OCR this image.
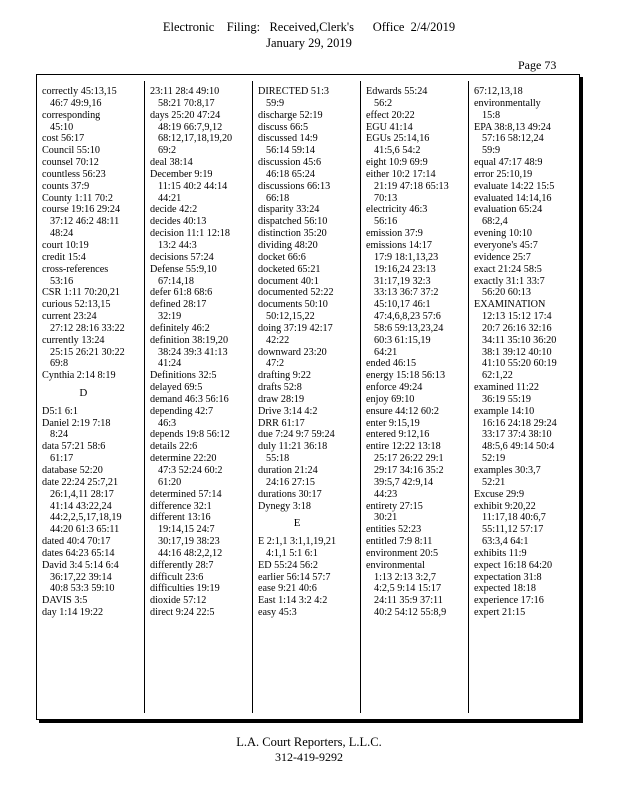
Electronic    Filing:   Received,Clerk's      Office  2/4/2019
January 29, 2019
Page 73
correctly 45:13,15
46:7 49:9,16
corresponding
45:10
cost 56:17
Council 55:10
counsel 70:12
countless 56:23
counts 37:9
County 1:11 70:2
course 19:16 29:24
37:12 46:2 48:11
48:24
court 10:19
credit 15:4
cross-references
53:16
CSR 1:11 70:20,21
curious 52:13,15
current 23:24
27:12 28:16 33:22
currently 13:24
25:15 26:21 30:22
69:8
Cynthia 2:14 8:19
D
D5:1 6:1
Daniel 2:19 7:18
8:24
data 57:21 58:6
61:17
database 52:20
date 22:24 25:7,21
26:1,4,11 28:17
41:14 43:22,24
44:2,2,5,17,18,19
44:20 61:3 65:11
dated 40:4 70:17
dates 64:23 65:14
David 3:4 5:14 6:4
36:17,22 39:14
40:8 53:3 59:10
DAVIS 3:5
day 1:14 19:22
23:11 28:4 49:10
58:21 70:8,17
days 25:20 47:24
48:19 66:7,9,12
68:12,17,18,19,20
69:2
deal 38:14
December 9:19
11:15 40:2 44:14
44:21
decide 42:2
decides 40:13
decision 11:1 12:18
13:2 44:3
decisions 57:24
Defense 55:9,10
67:14,18
defer 61:8 68:6
defined 28:17
32:19
definitely 46:2
definition 38:19,20
38:24 39:3 41:13
41:24
Definitions 32:5
delayed 69:5
demand 46:3 56:16
depending 42:7
46:3
depends 19:8 56:12
details 22:6
determine 22:20
47:3 52:24 60:2
61:20
determined 57:14
difference 32:1
different 13:16
19:14,15 24:7
30:17,19 38:23
44:16 48:2,2,12
differently 28:7
difficult 23:6
difficulties 19:19
dioxide 57:12
direct 9:24 22:5
DIRECTED 51:3
59:9
discharge 52:19
discuss 66:5
discussed 14:9
56:14 59:14
discussion 45:6
46:18 65:24
discussions 66:13
66:18
disparity 33:24
dispatched 56:10
distinction 35:20
dividing 48:20
docket 66:6
docketed 65:21
document 40:1
documented 52:22
documents 50:10
50:12,15,22
doing 37:19 42:17
42:22
downward 23:20
47:2
drafting 9:22
drafts 52:8
draw 28:19
Drive 3:14 4:2
DRR 61:17
due 7:24 9:7 59:24
duly 11:21 36:18
55:18
duration 21:24
24:16 27:15
durations 30:17
Dynegy 3:18
E
E 2:1,1 3:1,1,19,21
4:1,1 5:1 6:1
ED 55:24 56:2
earlier 56:14 57:7
ease 9:21 40:6
East 1:14 3:2 4:2
easy 45:3
Edwards 55:24
56:2
effect 20:22
EGU 41:14
EGUs 25:14,16
41:5,6 54:2
eight 10:9 69:9
either 10:2 17:14
21:19 47:18 65:13
70:13
electricity 46:3
56:16
emission 37:9
emissions 14:17
17:9 18:1,13,23
19:16,24 23:13
31:17,19 32:3
33:13 36:7 37:2
45:10,17 46:1
47:4,6,8,23 57:6
58:6 59:13,23,24
60:3 61:15,19
64:21
ended 46:15
energy 15:18 56:13
enforce 49:24
enjoy 69:10
ensure 44:12 60:2
enter 9:15,19
entered 9:12,16
entire 12:22 13:18
25:17 26:22 29:1
29:17 34:16 35:2
39:5,7 42:9,14
44:23
entirety 27:15
30:21
entities 52:23
entitled 7:9 8:11
environment 20:5
environmental
1:13 2:13 3:2,7
4:2,5 9:14 15:17
24:11 35:9 37:11
40:2 54:12 55:8,9
67:12,13,18
environmentally
15:8
EPA 38:8,13 49:24
57:16 58:12,24
59:9
equal 47:17 48:9
error 25:10,19
evaluate 14:22 15:5
evaluated 14:14,16
evaluation 65:24
68:2,4
evening 10:10
everyone's 45:7
evidence 25:7
exact 21:24 58:5
exactly 31:1 33:7
56:20 60:13
EXAMINATION
12:13 15:12 17:4
20:7 26:16 32:16
34:11 35:10 36:20
38:1 39:12 40:10
41:10 55:20 60:19
62:1,22
examined 11:22
36:19 55:19
example 14:10
16:16 24:18 29:24
33:17 37:4 38:10
48:5,6 49:14 50:4
52:19
examples 30:3,7
52:21
Excuse 29:9
exhibit 9:20,22
11:17,18 40:6,7
55:11,12 57:17
63:3,4 64:1
exhibits 11:9
expect 16:18 64:20
expectation 31:8
expected 18:18
experience 17:16
expert 21:15
L.A. Court Reporters, L.L.C.
312-419-9292
